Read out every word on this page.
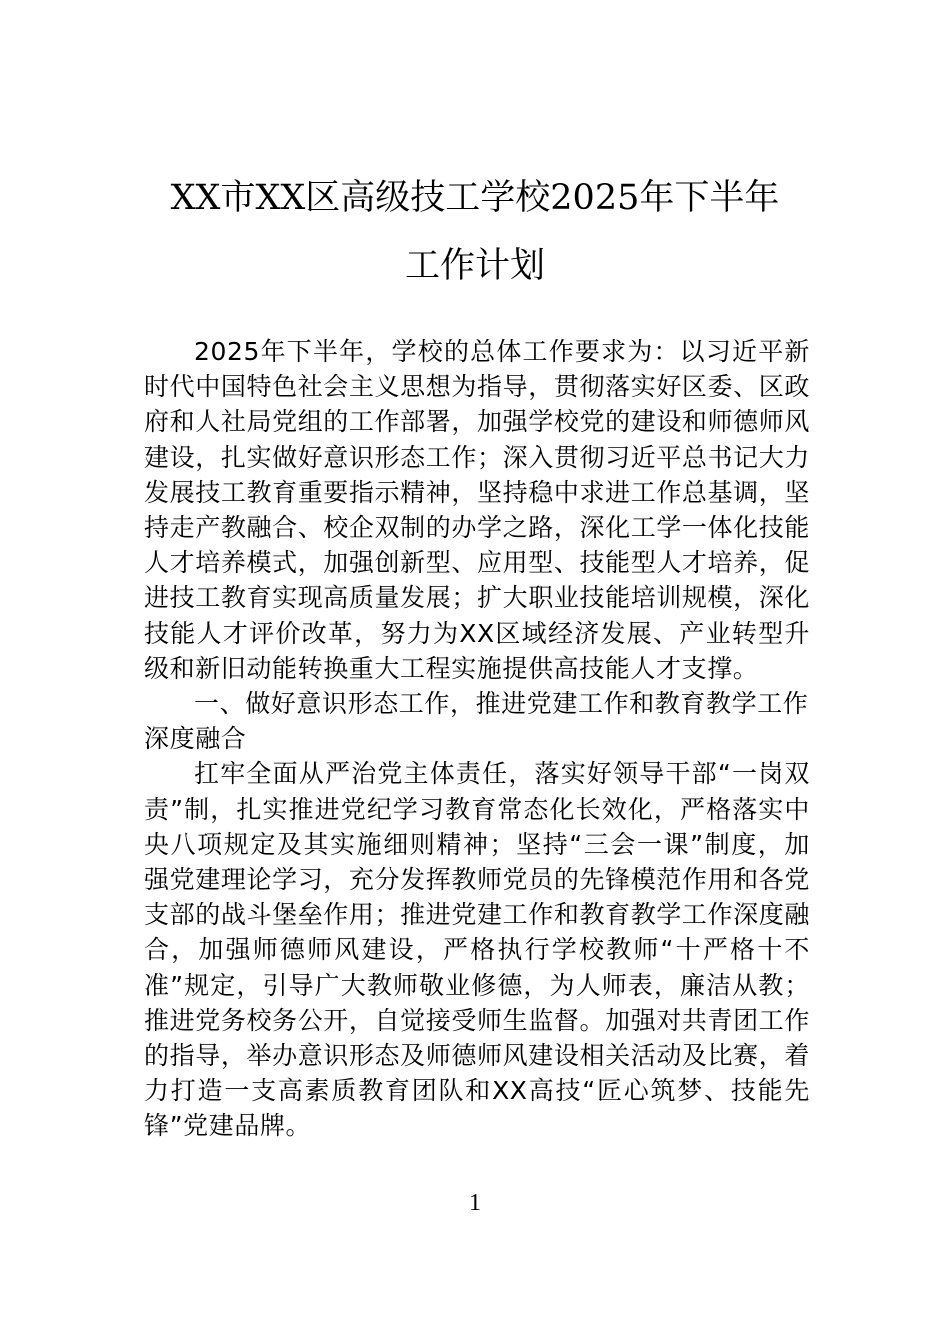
XX市XX区高级技工学校2025年下半年
工作计划

2025年下半年，学校的总体工作要求为：以习近平新时代中国特色社会主义思想为指导，贯彻落实好区委、区政府和人社局党组的工作部署，加强学校党的建设和师德师风建设，扎实做好意识形态工作；深入贯彻习近平总书记大力发展技工教育重要指示精神，坚持稳中求进工作总基调，坚持走产教融合、校企双制的办学之路，深化工学一体化技能人才培养模式，加强创新型、应用型、技能型人才培养，促进技工教育实现高质量发展；扩大职业技能培训规模，深化技能人才评价改革，努力为XX区域经济发展、产业转型升级和新旧动能转换重大工程实施提供高技能人才支撑。

一、做好意识形态工作，推进党建工作和教育教学工作深度融合

扛牢全面从严治党主体责任，落实好领导干部“一岗双责”制，扎实推进党纪学习教育常态化长效化，严格落实中央八项规定及其实施细则精神；坚持“三会一课”制度，加强党建理论学习，充分发挥教师党员的先锋模范作用和各党支部的战斗堡垒作用；推进党建工作和教育教学工作深度融合，加强师德师风建设，严格执行学校教师“十严格十不准”规定，引导广大教师敬业修德，为人师表，廉洁从教；推进党务校务公开，自觉接受师生监督。加强对共青团工作的指导，举办意识形态及师德师风建设相关活动及比赛，着力打造一支高素质教育团队和XX高技“匠心筑梦、技能先锋”党建品牌。

1
